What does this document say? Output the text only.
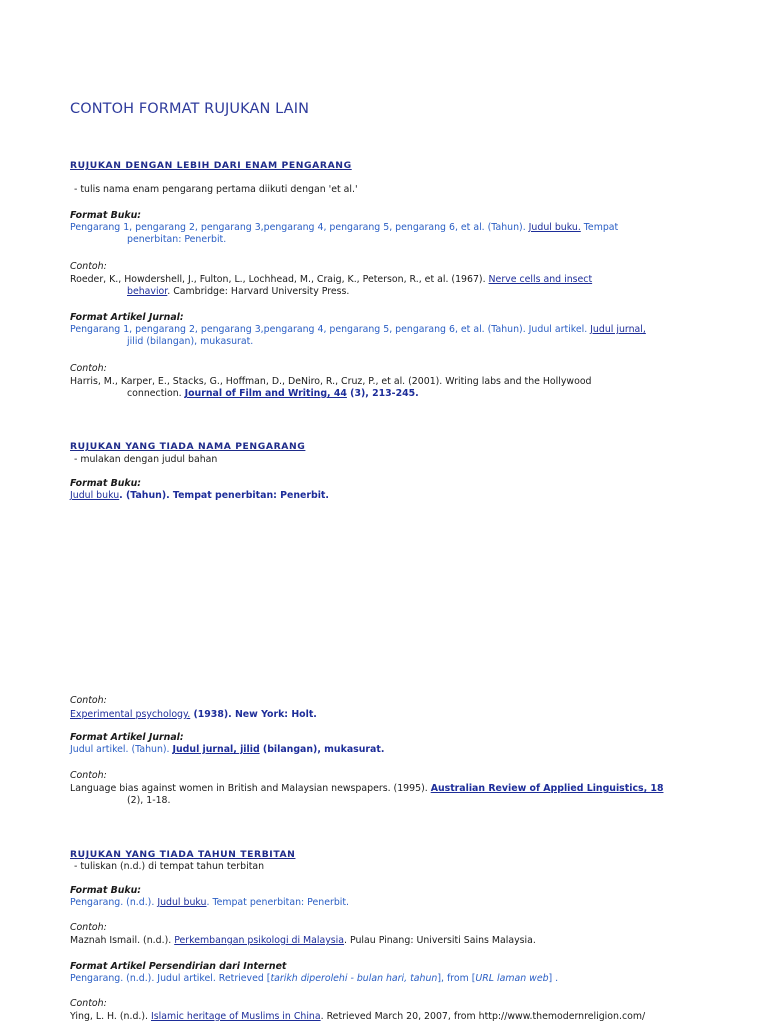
CONTOH FORMAT RUJUKAN LAIN
RUJUKAN DENGAN LEBIH DARI ENAM PENGARANG
- tulis nama enam pengarang pertama diikuti dengan 'et al.'
Format Buku:
Pengarang 1, pengarang 2, pengarang 3,pengarang 4, pengarang 5, pengarang 6, et al. (Tahun). Judul buku. Tempat
penerbitan: Penerbit.
Contoh:
Roeder, K., Howdershell, J., Fulton, L., Lochhead, M., Craig, K., Peterson, R., et al. (1967). Nerve cells and insect
behavior. Cambridge: Harvard University Press.
Format Artikel Jurnal:
Pengarang 1, pengarang 2, pengarang 3,pengarang 4, pengarang 5, pengarang 6, et al. (Tahun). Judul artikel. Judul jurnal,
jilid (bilangan), mukasurat.
Contoh:
Harris, M., Karper, E., Stacks, G., Hoffman, D., DeNiro, R., Cruz, P., et al. (2001). Writing labs and the Hollywood
connection. Journal of Film and Writing, 44 (3), 213-245.
RUJUKAN YANG TIADA NAMA PENGARANG
- mulakan dengan judul bahan
Format Buku:
Judul buku. (Tahun). Tempat penerbitan: Penerbit.
Contoh:
Experimental psychology. (1938). New York: Holt.
Format Artikel Jurnal:
Judul artikel. (Tahun). Judul jurnal, jilid (bilangan), mukasurat.
Contoh:
Language bias against women in British and Malaysian newspapers. (1995). Australian Review of Applied Linguistics, 18
(2), 1-18.
RUJUKAN YANG TIADA TAHUN TERBITAN
- tuliskan (n.d.) di tempat tahun terbitan
Format Buku:
Pengarang. (n.d.). Judul buku. Tempat penerbitan: Penerbit.
Contoh:
Maznah Ismail. (n.d.). Perkembangan psikologi di Malaysia. Pulau Pinang: Universiti Sains Malaysia.
Format Artikel Persendirian dari Internet
Pengarang. (n.d.). Judul artikel. Retrieved [tarikh diperolehi - bulan hari, tahun], from [URL laman web] .
Contoh:
Ying, L. H. (n.d.). Islamic heritage of Muslims in China. Retrieved March 20, 2007, from http://www.themodernreligion.com/
